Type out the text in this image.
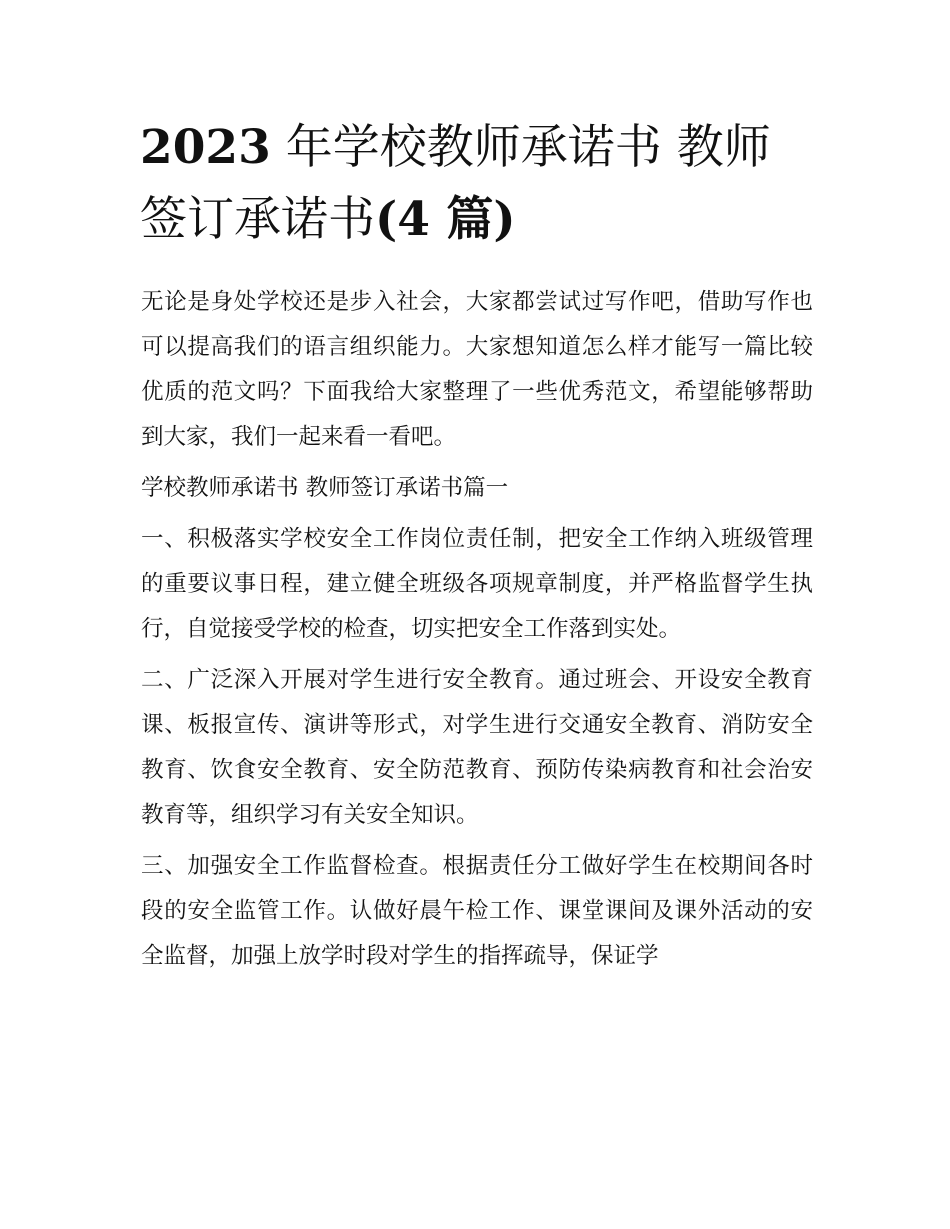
2023 年学校教师承诺书 教师
签订承诺书(4 篇)

无论是身处学校还是步入社会，大家都尝试过写作吧，借助写作也可以提高我们的语言组织能力。大家想知道怎么样才能写一篇比较优质的范文吗？下面我给大家整理了一些优秀范文，希望能够帮助到大家，我们一起来看一看吧。

学校教师承诺书 教师签订承诺书篇一

一、积极落实学校安全工作岗位责任制，把安全工作纳入班级管理的重要议事日程，建立健全班级各项规章制度，并严格监督学生执行，自觉接受学校的检查，切实把安全工作落到实处。

二、广泛深入开展对学生进行安全教育。通过班会、开设安全教育课、板报宣传、演讲等形式，对学生进行交通安全教育、消防安全教育、饮食安全教育、安全防范教育、预防传染病教育和社会治安教育等，组织学习有关安全知识。

三、加强安全工作监督检查。根据责任分工做好学生在校期间各时段的安全监管工作。认做好晨午检工作、课堂课间及课外活动的安全监督，加强上放学时段对学生的指挥疏导，保证学
